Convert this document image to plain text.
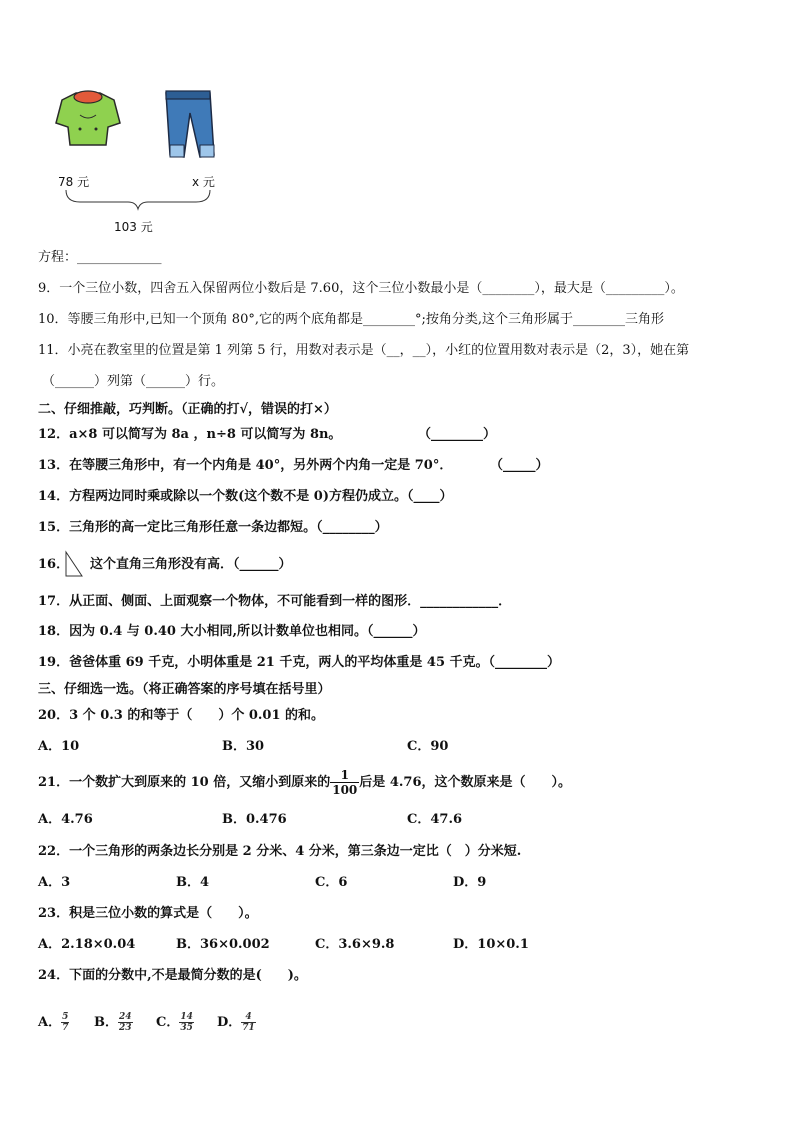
78 元	x 元
103 元
方程：_____________
9．一个三位小数，四舍五入保留两位小数后是 7.60，这个三位小数最小是（________），最大是（_________）。
10．等腰三角形中,已知一个顶角 80°,它的两个底角都是________°;按角分类,这个三角形属于________三角形
11．小亮在教室里的位置是第 1 列第 5 行，用数对表示是（__，__），小红的位置用数对表示是（2，3），她在第
（______）列第（______）行。
二、仔细推敲，巧判断。（正确的打√，错误的打×）
12．a×8 可以简写为 8a ，n÷8 可以简写为 8n。	（________）
13．在等腰三角形中，有一个内角是 40°，另外两个内角一定是 70°．	（_____）
14．方程两边同时乘或除以一个数(这个数不是 0)方程仍成立。（____）
15．三角形的高一定比三角形任意一条边都短。（________）
16． 这个直角三角形没有高．（______）
17．从正面、侧面、上面观察一个物体，不可能看到一样的图形．____________．
18．因为 0.4 与 0.40 大小相同,所以计数单位也相同。（______）
19．爸爸体重 69 千克，小明体重是 21 千克，两人的平均体重是 45 千克。（________）
三、仔细选一选。（将正确答案的序号填在括号里）
20．3 个 0.3 的和等于（　　）个 0.01 的和。
A．10	B．30	C．90
21．一个数扩大到原来的 10 倍，又缩小到原来的 $\frac{1}{100}$ 后是 4.76，这个数原来是（　　）。
A．4.76	B．0.476	C．47.6
22．一个三角形的两条边长分别是 2 分米、4 分米，第三条边一定比（　）分米短.
A．3	B．4	C．6	D．9
23．积是三位小数的算式是（　　）。
A．2.18×0.04	B．36×0.002	C．3.6×9.8	D．10×0.1
24．下面的分数中,不是最简分数的是(　　)。
A． $\frac{5}{7}$ B． $\frac{24}{23}$ C． $\frac{14}{35}$ D． $\frac{4}{71}$
